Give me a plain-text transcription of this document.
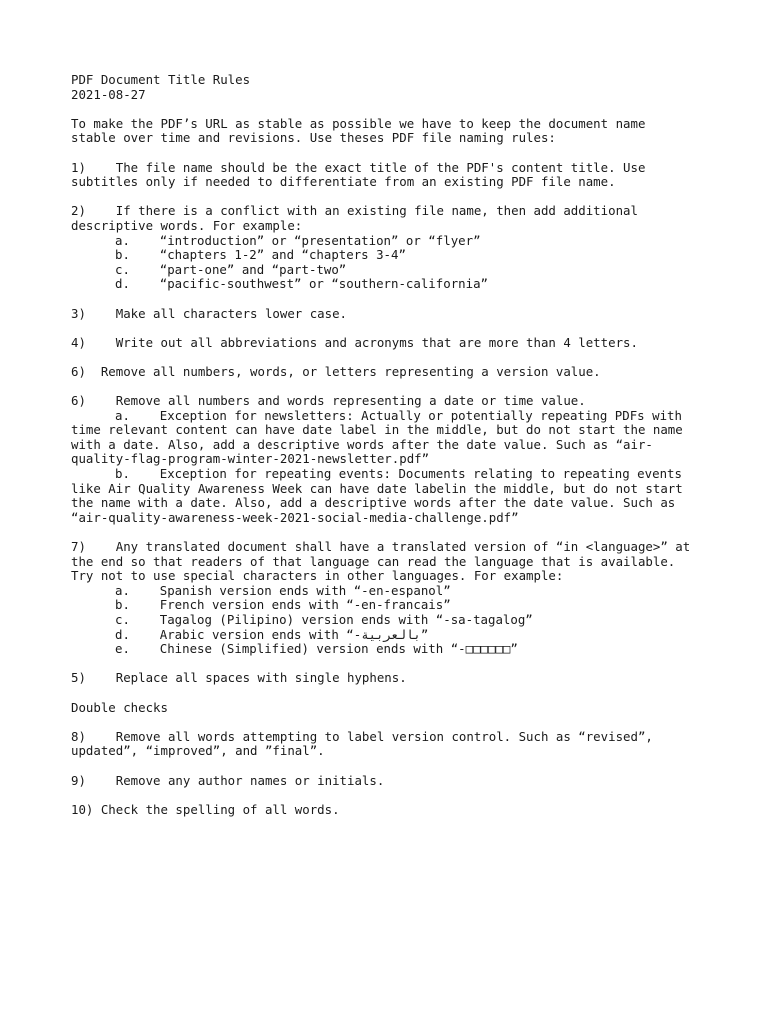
PDF Document Title Rules
2021-08-27
To make the PDF’s URL as stable as possible we have to keep the document name
stable over time and revisions. Use theses PDF file naming rules:
1)    The file name should be the exact title of the PDF's content title. Use
subtitles only if needed to differentiate from an existing PDF file name.
2)    If there is a conflict with an existing file name, then add additional
descriptive words. For example:
a.    “introduction” or “presentation” or “flyer”
b.    “chapters 1-2” and “chapters 3-4”
c.    “part-one” and “part-two”
d.    “pacific-southwest” or “southern-california”
3)    Make all characters lower case.
4)    Write out all abbreviations and acronyms that are more than 4 letters.
6)  Remove all numbers, words, or letters representing a version value.
6)    Remove all numbers and words representing a date or time value.
a.    Exception for newsletters: Actually or potentially repeating PDFs with
time relevant content can have date label in the middle, but do not start the name
with a date. Also, add a descriptive words after the date value. Such as “air-
quality-flag-program-winter-2021-newsletter.pdf”
b.    Exception for repeating events: Documents relating to repeating events
like Air Quality Awareness Week can have date labelin the middle, but do not start
the name with a date. Also, add a descriptive words after the date value. Such as
“air-quality-awareness-week-2021-social-media-challenge.pdf”
7)    Any translated document shall have a translated version of “in <language>” at
the end so that readers of that language can read the language that is available.
Try not to use special characters in other languages. For example:
a.    Spanish version ends with “-en-espanol”
b.    French version ends with “-en-francais”
c.    Tagalog (Pilipino) version ends with “-sa-tagalog”
d.    Arabic version ends with “-بالعربية”
e.    Chinese (Simplified) version ends with “-□□□□□□”
5)    Replace all spaces with single hyphens.
Double checks
8)    Remove all words attempting to label version control. Such as “revised”,
updated”, “improved”, and ”final”.
9)    Remove any author names or initials.
10) Check the spelling of all words.
